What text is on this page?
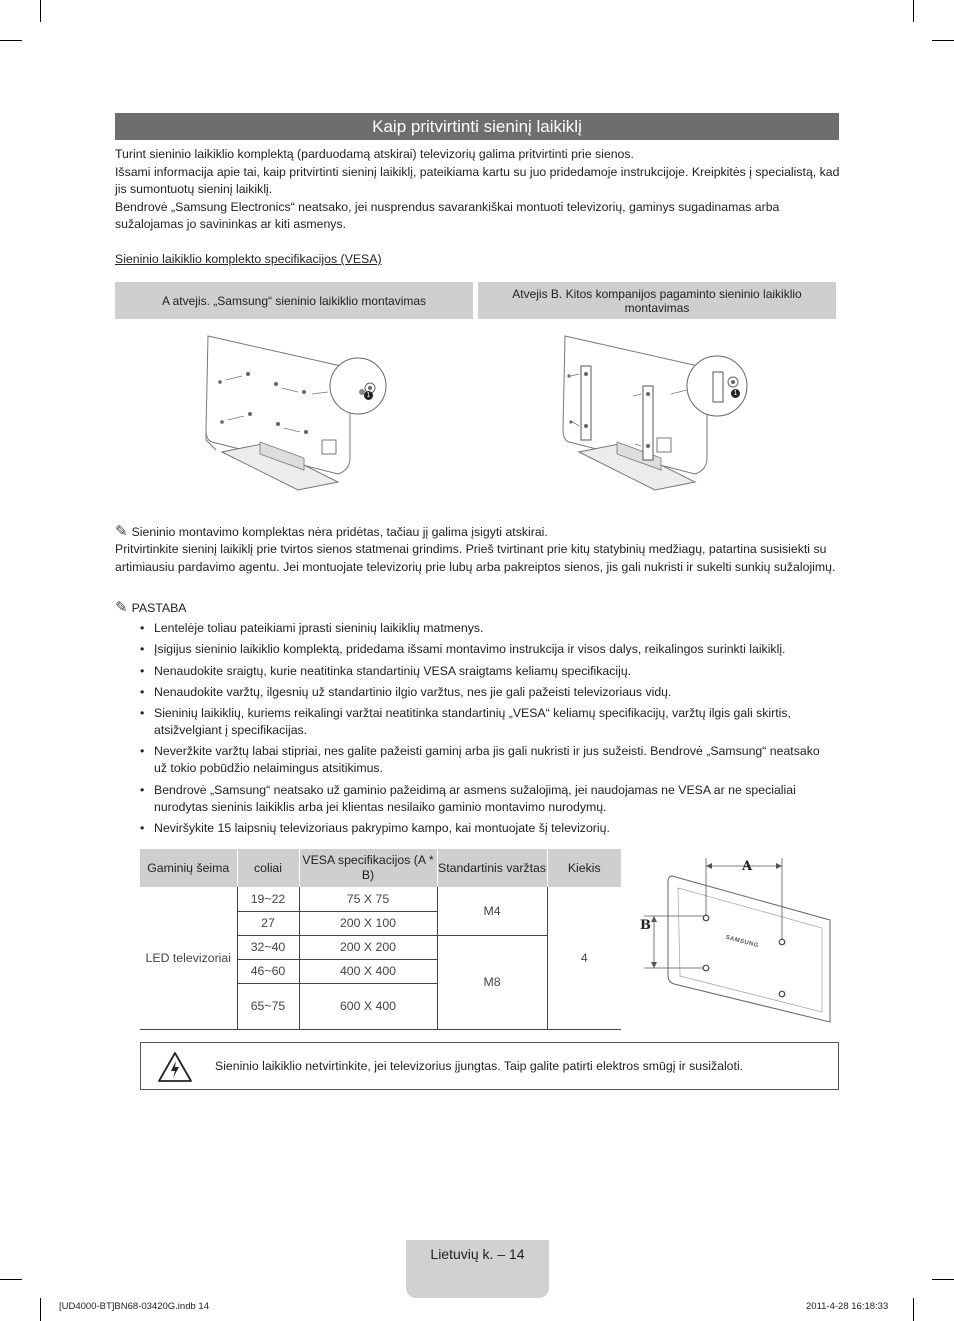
Kaip pritvirtinti sieninį laikiklį
Turint sieninio laikiklio komplektą (parduodamą atskirai) televizorių galima pritvirtinti prie sienos.
Išsami informacija apie tai, kaip pritvirtinti sieninį laikiklį, pateikiama kartu su juo pridedamoje instrukcijoje. Kreipkitės į specialistą, kad jis sumontuotų sieninį laikiklį.
Bendrovė „Samsung Electronics“ neatsako, jei nusprendus savarankiškai montuoti televizorių, gaminys sugadinamas arba sužalojamas jo savininkas ar kiti asmenys.
Sieninio laikiklio komplekto specifikacijos (VESA)
A atvejis. „Samsung“ sieninio laikiklio montavimas	Atvejis B. Kitos kompanijos pagaminto sieninio laikiklio montavimas
1	1
✎ Sieninio montavimo komplektas nėra pridėtas, tačiau jį galima įsigyti atskirai.
Pritvirtinkite sieninį laikiklį prie tvirtos sienos statmenai grindims. Prieš tvirtinant prie kitų statybinių medžiagų, patartina susisiekti su artimiausiu pardavimo agentu. Jei montuojate televizorių prie lubų arba pakreiptos sienos, jis gali nukristi ir sukelti sunkių sužalojimų.
✎ PASTABA
• Lentelėje toliau pateikiami įprasti sieninių laikiklių matmenys.
• Įsigijus sieninio laikiklio komplektą, pridedama išsami montavimo instrukcija ir visos dalys, reikalingos surinkti laikiklį.
• Nenaudokite sraigtų, kurie neatitinka standartinių VESA sraigtams keliamų specifikacijų.
• Nenaudokite varžtų, ilgesnių už standartinio ilgio varžtus, nes jie gali pažeisti televizoriaus vidų.
• Sieninių laikiklių, kuriems reikalingi varžtai neatitinka standartinių „VESA“ keliamų specifikacijų, varžtų ilgis gali skirtis, atsižvelgiant į specifikacijas.
• Neveržkite varžtų labai stipriai, nes galite pažeisti gaminį arba jis gali nukristi ir jus sužeisti. Bendrovė „Samsung“ neatsako už tokio pobūdžio nelaimingus atsitikimus.
• Bendrovė „Samsung“ neatsako už gaminio pažeidimą ar asmens sužalojimą, jei naudojamas ne VESA ar ne specialiai nurodytas sieninis laikiklis arba jei klientas nesilaiko gaminio montavimo nurodymų.
• Neviršykite 15 laipsnių televizoriaus pakrypimo kampo, kai montuojate šį televizorių.
Gaminių šeima	coliai	VESA specifikacijos (A * B)	Standartinis varžtas	Kiekis
LED televizoriai	19~22	75 X 75	M4	4
	27	200 X 100		
	32~40	200 X 200	M8	
	46~60	400 X 400		
	65~75	600 X 400		
A
B
SAMSUNG
Sieninio laikiklio netvirtinkite, jei televizorius įjungtas. Taip galite patirti elektros smūgį ir susižaloti.
Lietuvių k. – 14
[UD4000-BT]BN68-03420G.indb 14	2011-4-28 16:18:33
